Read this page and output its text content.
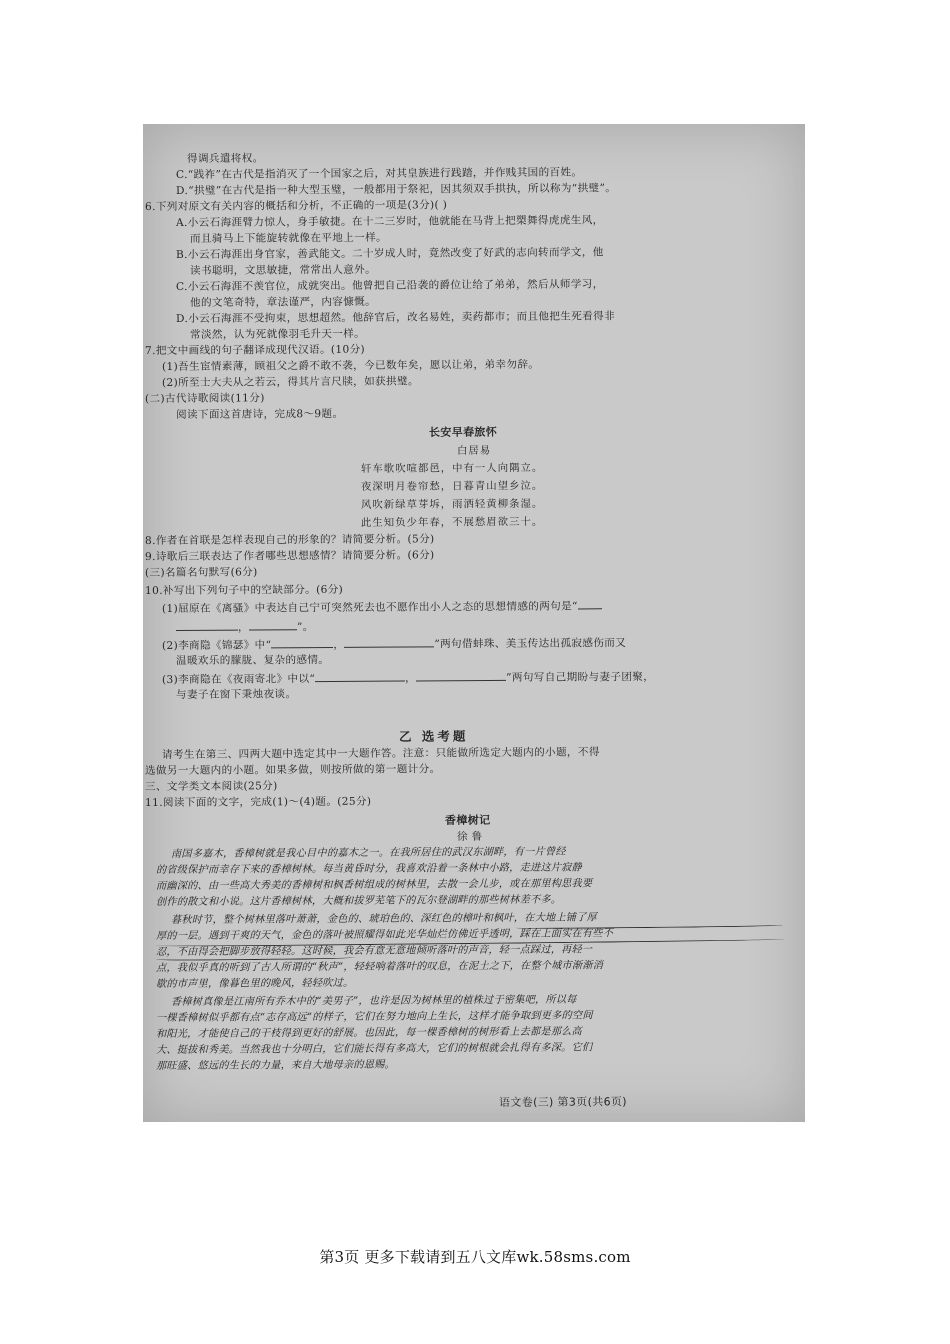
得调兵遣将权。
C.“践祚”在古代是指消灭了一个国家之后，对其皇族进行践踏，并作贱其国的百姓。
D.“拱璧”在古代是指一种大型玉璧，一般都用于祭祀，因其须双手拱执，所以称为“拱璧”。
6.下列对原文有关内容的概括和分析，不正确的一项是(3分)( )
A.小云石海涯臂力惊人，身手敏捷。在十二三岁时，他就能在马背上把槊舞得虎虎生风，
而且骑马上下能旋转就像在平地上一样。
B.小云石海涯出身官家，善武能文。二十岁成人时，竟然改变了好武的志向转而学文，他
读书聪明，文思敏捷，常常出人意外。
C.小云石海涯不羡官位，成就突出。他曾把自己沿袭的爵位让给了弟弟，然后从师学习，
他的文笔奇特，章法谨严，内容慷慨。
D.小云石海涯不受拘束，思想超然。他辞官后，改名易姓，卖药都市；而且他把生死看得非
常淡然，认为死就像羽毛升天一样。
7.把文中画线的句子翻译成现代汉语。(10分)
(1)吾生宦情素薄，顾祖父之爵不敢不袭，今已数年矣，愿以让弟，弟幸勿辞。
(2)所至士大夫从之若云，得其片言尺牍，如获拱璧。
(二)古代诗歌阅读(11分)
阅读下面这首唐诗，完成8～9题。
长安早春旅怀
白居易
轩车歌吹喧都邑，中有一人向隅立。
夜深明月卷帘愁，日暮青山望乡泣。
风吹新绿草芽坼，雨洒轻黄柳条湿。
此生知负少年春，不展愁眉欲三十。
8.作者在首联是怎样表现自己的形象的？请简要分析。(5分)
9.诗歌后三联表达了作者哪些思想感情？请简要分析。(6分)
(三)名篇名句默写(6分)
10.补写出下列句子中的空缺部分。(6分)
(1)屈原在《离骚》中表达自己宁可突然死去也不愿作出小人之态的思想情感的两句是“
，	”。
(2)李商隐《锦瑟》中“	，	”两句借蚌珠、美玉传达出孤寂感伤而又
温暖欢乐的朦胧、复杂的感情。
(3)李商隐在《夜雨寄北》中以“	，	”两句写自己期盼与妻子团聚，
与妻子在窗下秉烛夜谈。
乙 选考题
请考生在第三、四两大题中选定其中一大题作答。注意：只能做所选定大题内的小题，不得
选做另一大题内的小题。如果多做，则按所做的第一题计分。
三、文学类文本阅读(25分)
11.阅读下面的文字，完成(1)～(4)题。(25分)
香樟树记
徐 鲁
南国多嘉木，香樟树就是我心目中的嘉木之一。在我所居住的武汉东湖畔，有一片曾经
的省级保护而幸存下来的香樟树林。每当黄昏时分，我喜欢沿着一条林中小路，走进这片寂静
而幽深的、由一些高大秀美的香樟树和枫香树组成的树林里，去散一会儿步，或在那里构思我要
创作的散文和小说。这片香樟树林，大概和拔罗芜笔下的瓦尔登湖畔的那些树林差不多。
暮秋时节，整个树林里落叶萧萧，金色的、琥珀色的、深红色的樟叶和枫叶，在大地上铺了厚
厚的一层。遇到干爽的天气，金色的落叶被照耀得如此光华灿烂仿佛近乎透明，踩在上面实在有些不
忍，不由得会把脚步放得轻轻。这时候，我会有意无意地倾听落叶的声音，轻一点踩过，再轻一
点，我似乎真的听到了古人所谓的“秋声”，轻轻响着落叶的叹息，在泥土之下，在整个城市渐渐消
歇的市声里，像暮色里的晚风，轻轻吹过。
香樟树真像是江南所有乔木中的“美男子”，也许是因为树林里的植株过于密集吧，所以每
一棵香樟树似乎都有点“志存高远”的样子，它们在努力地向上生长，这样才能争取到更多的空间
和阳光，才能使自己的干枝得到更好的舒展。也因此，每一棵香樟树的树形看上去都是那么高
大、挺拔和秀美。当然我也十分明白，它们能长得有多高大，它们的树根就会扎得有多深。它们
那旺盛、悠远的生长的力量，来自大地母亲的恩赐。
语文卷(三) 第3页(共6页)
第3页 更多下载请到五八文库wk.58sms.com
